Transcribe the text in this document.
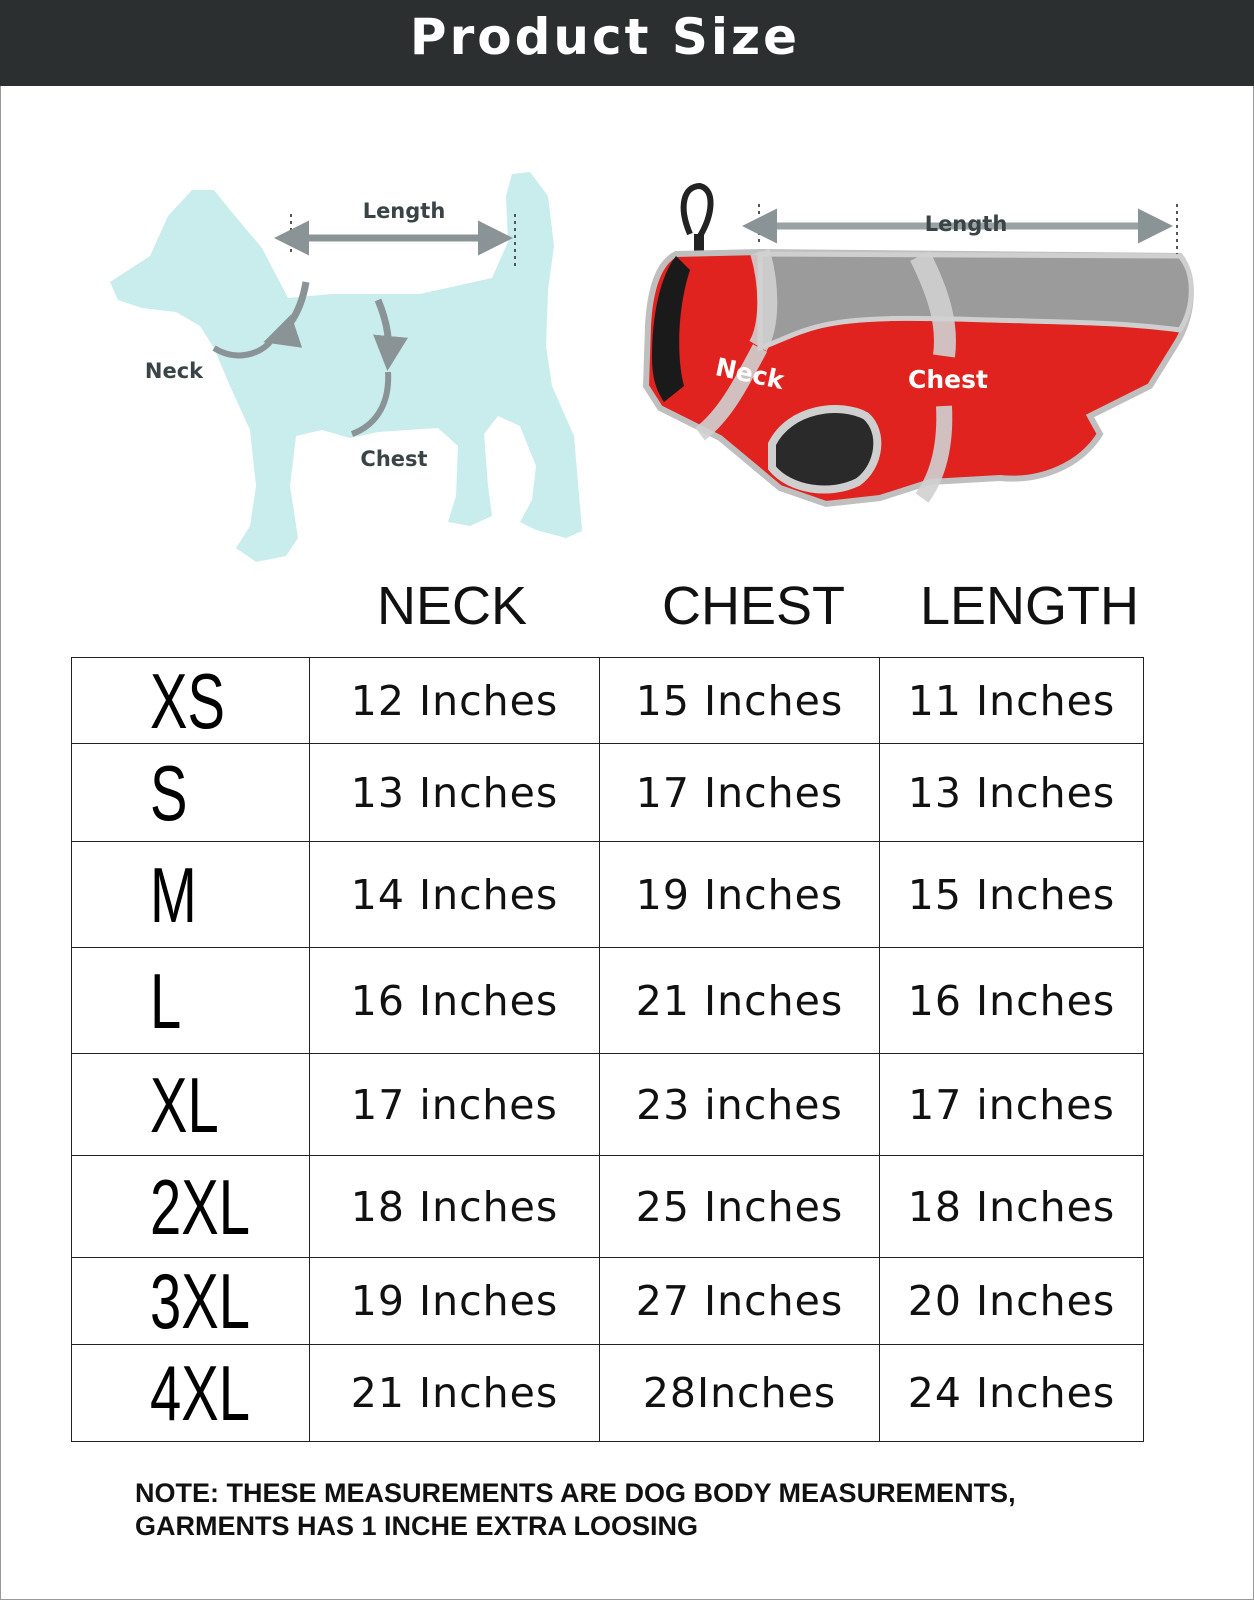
Product Size
Length
Neck
Chest
Length
Neck	Chest
NECK CHEST LENGTH
XS	12 Inches	15 Inches	11 Inches
S	13 Inches	17 Inches	13 Inches
M	14 Inches	19 Inches	15 Inches
L	16 Inches	21 Inches	16 Inches
XL	17 inches	23 inches	17 inches
2XL	18 Inches	25 Inches	18 Inches
3XL	19 Inches	27 Inches	20 Inches
4XL	21 Inches	28Inches	24 Inches
NOTE: THESE MEASUREMENTS ARE DOG BODY MEASUREMENTS,
GARMENTS HAS 1 INCHE EXTRA LOOSING
